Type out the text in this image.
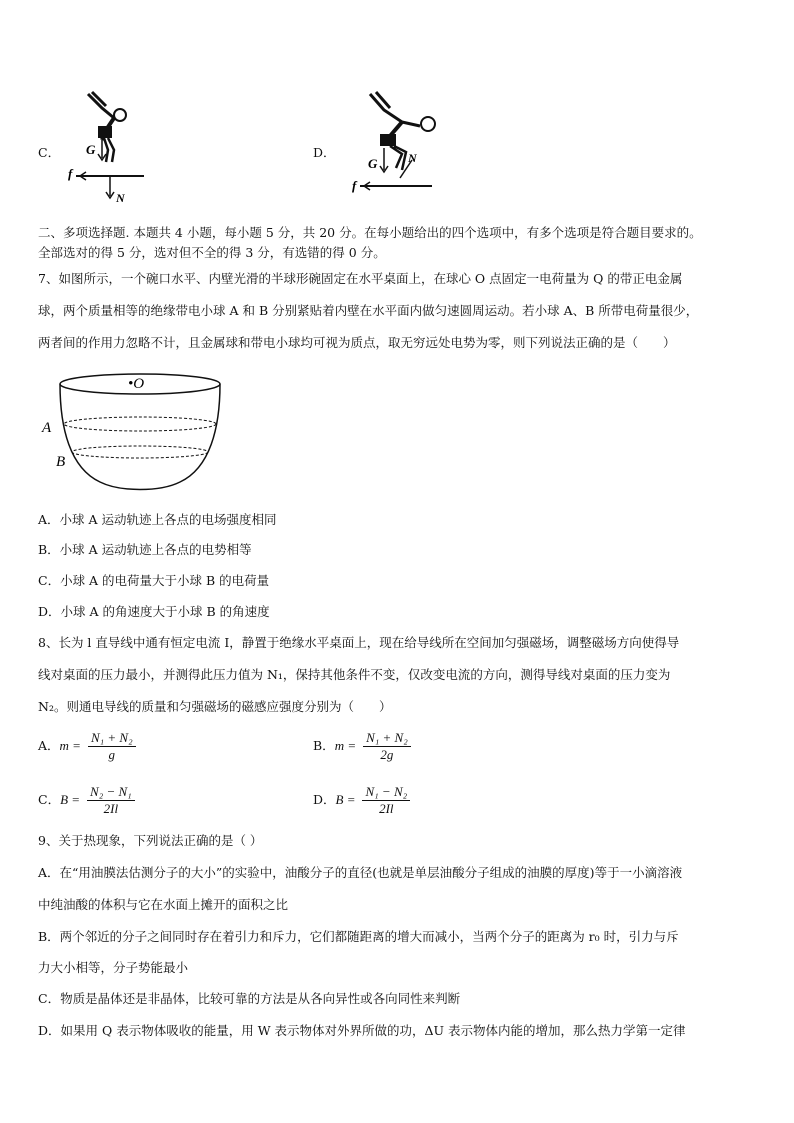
C． G
f
N
D．
G	N
f
二、多项选择题. 本题共 4 小题，每小题 5 分，共 20 分。在每小题给出的四个选项中，有多个选项是符合题目要求的。
全部选对的得 5 分，选对但不全的得 3 分，有选错的得 0 分。
7、如图所示，一个碗口水平、内壁光滑的半球形碗固定在水平桌面上，在球心 O 点固定一电荷量为 Q 的带正电金属
球，两个质量相等的绝缘带电小球 A 和 B 分别紧贴着内壁在水平面内做匀速圆周运动。若小球 A、B 所带电荷量很少，
两者间的作用力忽略不计，且金属球和带电小球均可视为质点，取无穷远处电势为零，则下列说法正确的是（　　）
•O
A
B
A．小球 A 运动轨迹上各点的电场强度相同
B．小球 A 运动轨迹上各点的电势相等
C．小球 A 的电荷量大于小球 B 的电荷量
D．小球 A 的角速度大于小球 B 的角速度
8、长为 l 直导线中通有恒定电流 I，静置于绝缘水平桌面上，现在给导线所在空间加匀强磁场，调整磁场方向使得导
线对桌面的压力最小，并测得此压力值为 N₁，保持其他条件不变，仅改变电流的方向，测得导线对桌面的压力变为
N₂。则通电导线的质量和匀强磁场的磁感应强度分别为（　　）
A．$m = \frac{\text{N₁ + N₂}}{g}$	B．$m = \frac{\text{N₁ + N₂}}{2g}$
C．$B = \frac{\text{N₂ − N₁}}{2Il}$	D．$B = \frac{\text{N₁ − N₂}}{2Il}$
9、关于热现象，下列说法正确的是（ ）
A．在“用油膜法估测分子的大小”的实验中，油酸分子的直径(也就是单层油酸分子组成的油膜的厚度)等于一小滴溶液
中纯油酸的体积与它在水面上摊开的面积之比
B．两个邻近的分子之间同时存在着引力和斥力，它们都随距离的增大而减小，当两个分子的距离为 r₀ 时，引力与斥
力大小相等，分子势能最小
C．物质是晶体还是非晶体，比较可靠的方法是从各向异性或各向同性来判断
D．如果用 Q 表示物体吸收的能量，用 W 表示物体对外界所做的功，ΔU 表示物体内能的增加，那么热力学第一定律
